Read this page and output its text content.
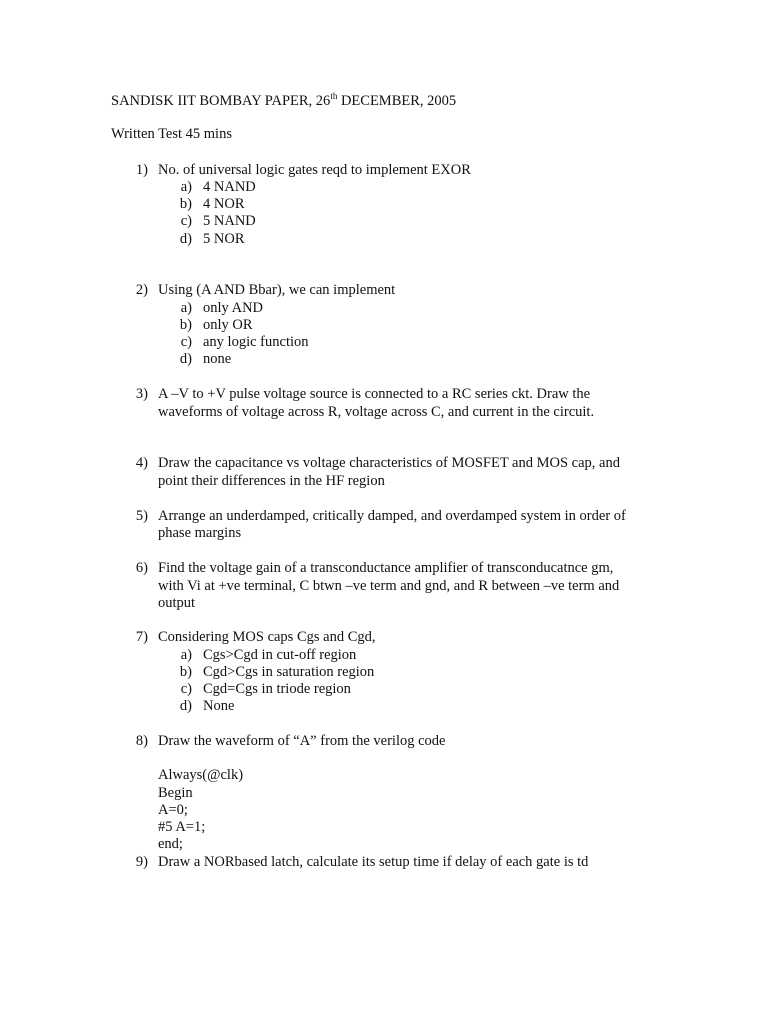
SANDISK IIT BOMBAY PAPER, 26th DECEMBER, 2005
Written Test 45 mins
1) No. of universal logic gates reqd to implement EXOR
a) 4 NAND
b) 4 NOR
c) 5 NAND
d) 5 NOR
2) Using (A AND Bbar), we can implement
a) only AND
b) only OR
c) any logic function
d) none
3) A –V to +V pulse voltage source is connected to a RC series ckt. Draw the
waveforms of voltage across R, voltage across C, and current in the circuit.
4) Draw the capacitance vs voltage characteristics of MOSFET and MOS cap, and
point their differences in the HF region
5) Arrange an underdamped, critically damped, and overdamped system in order of
phase margins
6) Find the voltage gain of a transconductance amplifier of transconducatnce gm,
with Vi at +ve terminal, C btwn –ve term and gnd, and R between –ve term and
output
7) Considering MOS caps Cgs and Cgd,
a) Cgs>Cgd in cut-off region
b) Cgd>Cgs in saturation region
c) Cgd=Cgs in triode region
d) None
8) Draw the waveform of “A” from the verilog code
Always(@clk)
Begin
A=0;
#5 A=1;
end;
9) Draw a NORbased latch, calculate its setup time if delay of each gate is td
